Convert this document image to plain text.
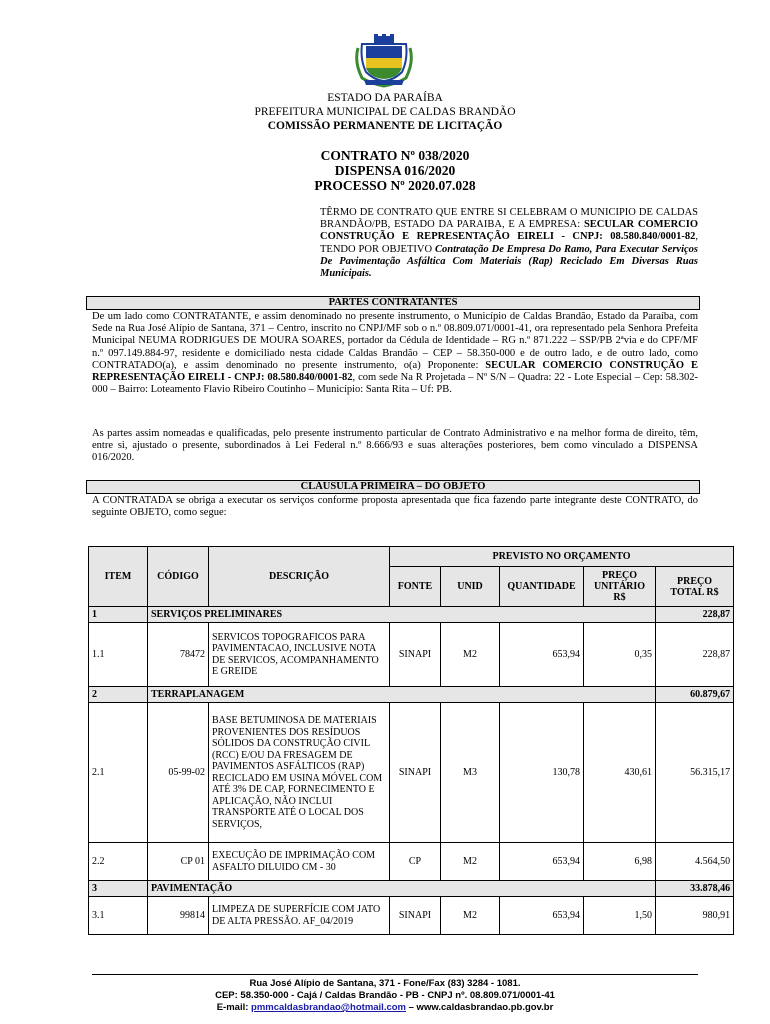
ESTADO DA PARAÍBA
PREFEITURA MUNICIPAL DE CALDAS BRANDÃO
COMISSÃO PERMANENTE DE LICITAÇÃO
CONTRATO Nº 038/2020
DISPENSA 016/2020
PROCESSO Nº 2020.07.028
TÊRMO DE CONTRATO QUE ENTRE SI CELEBRAM O MUNICIPIO DE CALDAS BRANDÃO/PB, ESTADO DA PARAIBA, E A EMPRESA: SECULAR COMERCIO CONSTRUÇÃO E REPRESENTAÇÃO EIRELI - CNPJ: 08.580.840/0001-82, TENDO POR OBJETIVO Contratação De Empresa Do Ramo, Para Executar Serviços De Pavimentação Asfáltica Com Materiais (Rap) Reciclado Em Diversas Ruas Municipais.
PARTES CONTRATANTES
De um lado como CONTRATANTE, e assim denominado no presente instrumento, o Município de Caldas Brandão, Estado da Paraíba, com Sede na Rua José Alípio de Santana, 371 – Centro, inscrito no CNPJ/MF sob o n.º 08.809.071/0001-41, ora representado pela Senhora Prefeita Municipal NEUMA RODRIGUES DE MOURA SOARES, portador da Cédula de Identidade – RG n.º 871.222 – SSP/PB 2ªvia e do CPF/MF n.º 097.149.884-97, residente e domiciliado nesta cidade Caldas Brandão – CEP – 58.350-000 e de outro lado, e de outro lado, como CONTRATADO(a), e assim denominado no presente instrumento, o(a) Proponente: SECULAR COMERCIO CONSTRUÇÃO E REPRESENTAÇÃO EIRELI - CNPJ: 08.580.840/0001-82, com sede Na R Projetada – Nº S/N – Quadra: 22 - Lote Especial – Cep: 58.302-000 – Bairro: Loteamento Flavio Ribeiro Coutinho – Município: Santa Rita – Uf: PB.
As partes assim nomeadas e qualificadas, pelo presente instrumento particular de Contrato Administrativo e na melhor forma de direito, têm, entre si, ajustado o presente, subordinados à Lei Federal n.º 8.666/93 e suas alterações posteriores, bem como vinculado a DISPENSA 016/2020.
CLÁUSULA PRIMEIRA – DO OBJETO
A CONTRATADA se obriga a executar os serviços conforme proposta apresentada que fica fazendo parte integrante deste CONTRATO, do seguinte OBJETO, como segue:
ITEM	CÓDIGO	DESCRIÇÃO	PREVISTO NO ORÇAMENTO				
			FONTE	UNID	QUANTIDADE	PREÇO UNITÁRIO R$	PREÇO TOTAL R$
1	SERVIÇOS PRELIMINARES						228,87
1.1	78472	SERVICOS TOPOGRAFICOS PARA PAVIMENTACAO, INCLUSIVE NOTA DE SERVICOS, ACOMPANHAMENTO E GREIDE	SINAPI	M2	653,94	0,35	228,87
2	TERRAPLANAGEM						60.879,67
2.1	05-99-02	BASE BETUMINOSA DE MATERIAIS PROVENIENTES DOS RESÍDUOS SÓLIDOS DA CONSTRUÇÃO CIVIL (RCC) E/OU DA FRESAGEM DE PAVIMENTOS ASFÁLTICOS (RAP) RECICLADO EM USINA MÓVEL COM ATÉ 3% DE CAP, FORNECIMENTO E APLICAÇÃO, NÃO INCLUI TRANSPORTE ATÉ O LOCAL DOS SERVIÇOS,	SINAPI	M3	130,78	430,61	56.315,17
2.2	CP 01	EXECUÇÃO DE IMPRIMAÇÃO COM ASFALTO DILUIDO CM - 30	CP	M2	653,94	6,98	4.564,50
3	PAVIMENTAÇÃO						33.878,46
3.1	99814	LIMPEZA DE SUPERFÍCIE COM JATO DE ALTA PRESSÃO. AF_04/2019	SINAPI	M2	653,94	1,50	980,91
Rua José Alípio de Santana, 371 - Fone/Fax (83) 3284 - 1081.
CEP: 58.350-000 - Cajá / Caldas Brandão - PB - CNPJ nº. 08.809.071/0001-41
E-mail: pmmcaldasbrandao@hotmail.com – www.caldasbrandao.pb.gov.br
